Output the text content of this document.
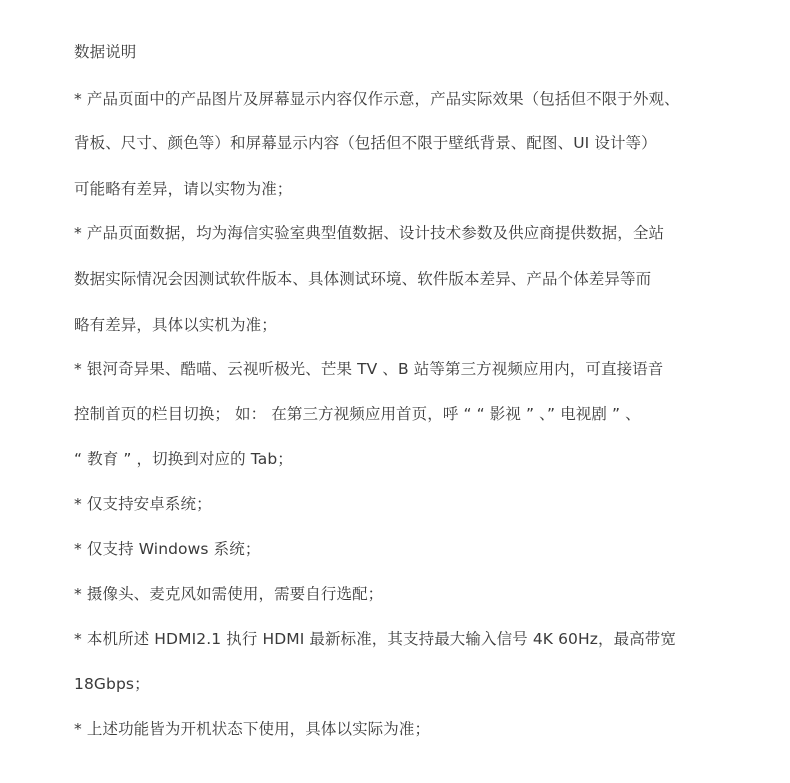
数据说明
* 产品页面中的产品图片及屏幕显示内容仅作示意，产品实际效果（包括但不限于外观、
背板、尺寸、颜色等）和屏幕显示内容（包括但不限于壁纸背景、配图、UI 设计等）
可能略有差异，请以实物为准；
* 产品页面数据，均为海信实验室典型值数据、设计技术参数及供应商提供数据，全站
数据实际情况会因测试软件版本、具体测试环境、软件版本差异、产品个体差异等而
略有差异，具体以实机为准；
* 银河奇异果、酷喵、云视听极光、芒果 TV 、B 站等第三方视频应用内，可直接语音
控制首页的栏目切换； 如： 在第三方视频应用首页，呼 “ “ 影视 ” 、” 电视剧 ” 、
“ 教育 ” ，切换到对应的 Tab；
* 仅支持安卓系统；
* 仅支持 Windows 系统；
* 摄像头、麦克风如需使用，需要自行选配；
* 本机所述 HDMI2.1 执行 HDMI 最新标准，其支持最大输入信号 4K 60Hz，最高带宽
18Gbps；
* 上述功能皆为开机状态下使用，具体以实际为准；
